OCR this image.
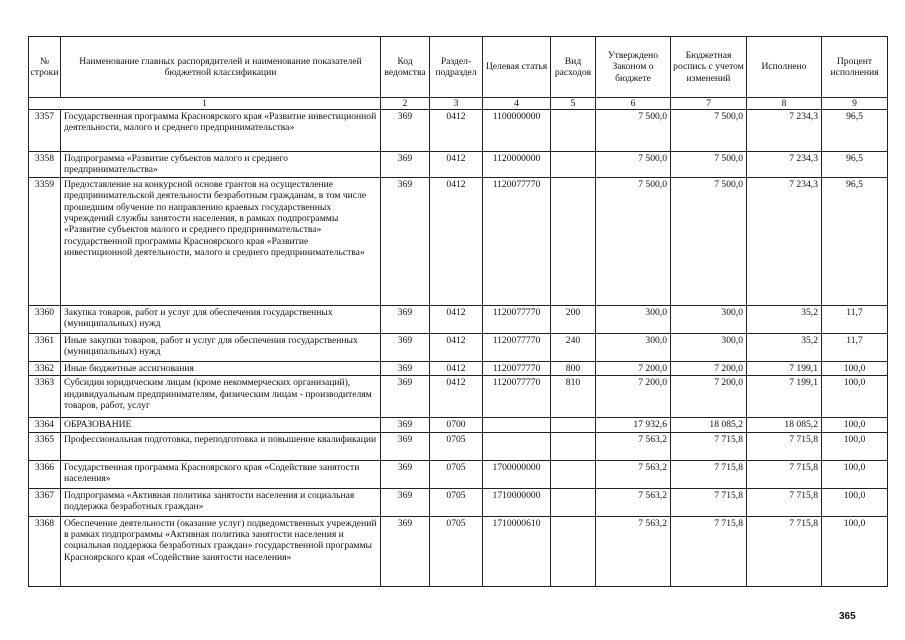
№ строки	Наименование главных распорядителей и наименование показателей бюджетной классификации	Код ведомства	Раздел-подраздел	Целевая статья	Вид расходов	Утверждено Законом о бюджете	Бюджетная роспись с учетом изменений	Исполнено	Процент исполнения
1		2	3	4	5	6	7	8	9
3357	Государственная программа Красноярского края «Развитие инвестиционной деятельности, малого и среднего предпринимательства»	369	0412	1100000000		7 500,0	7 500,0	7 234,3	96,5
3358	Подпрограмма «Развитие субъектов малого и среднего предпринимательства»	369	0412	1120000000		7 500,0	7 500,0	7 234,3	96,5
3359	Предоставление на конкурсной основе грантов на осуществление предпринимательской деятельности безработным гражданам, в том числе прошедшим обучение по направлению краевых государственных учреждений службы занятости населения, в рамках подпрограммы «Развитие субъектов малого и среднего предпринимательства» государственной программы Красноярского края «Развитие инвестиционной деятельности, малого и среднего предпринимательства»	369	0412	1120077770		7 500,0	7 500,0	7 234,3	96,5
3360	Закупка товаров, работ и услуг для обеспечения государственных (муниципальных) нужд	369	0412	1120077770	200	300,0	300,0	35,2	11,7
3361	Иные закупки товаров, работ и услуг для обеспечения государственных (муниципальных) нужд	369	0412	1120077770	240	300,0	300,0	35,2	11,7
3362	Иные бюджетные ассигнования	369	0412	1120077770	800	7 200,0	7 200,0	7 199,1	100,0
3363	Субсидии юридическим лицам (кроме некоммерческих организаций), индивидуальным предпринимателям, физическим лицам - производителям товаров, работ, услуг	369	0412	1120077770	810	7 200,0	7 200,0	7 199,1	100,0
3364	ОБРАЗОВАНИЕ	369	0700			17 932,6	18 085,2	18 085,2	100,0
3365	Профессиональная подготовка, переподготовка и повышение квалификации	369	0705			7 563,2	7 715,8	7 715,8	100,0
3366	Государственная программа Красноярского края «Содействие занятости населения»	369	0705	1700000000		7 563,2	7 715,8	7 715,8	100,0
3367	Подпрограмма «Активная политика занятости населения и социальная поддержка безработных граждан»	369	0705	1710000000		7 563,2	7 715,8	7 715,8	100,0
3368	Обеспечение деятельности (оказание услуг) подведомственных учреждений в рамках подпрограммы «Активная политика занятости населения и социальная поддержка безработных граждан» государственной программы Красноярского края «Содействие занятости населения»	369	0705	1710000610		7 563,2	7 715,8	7 715,8	100,0
365
